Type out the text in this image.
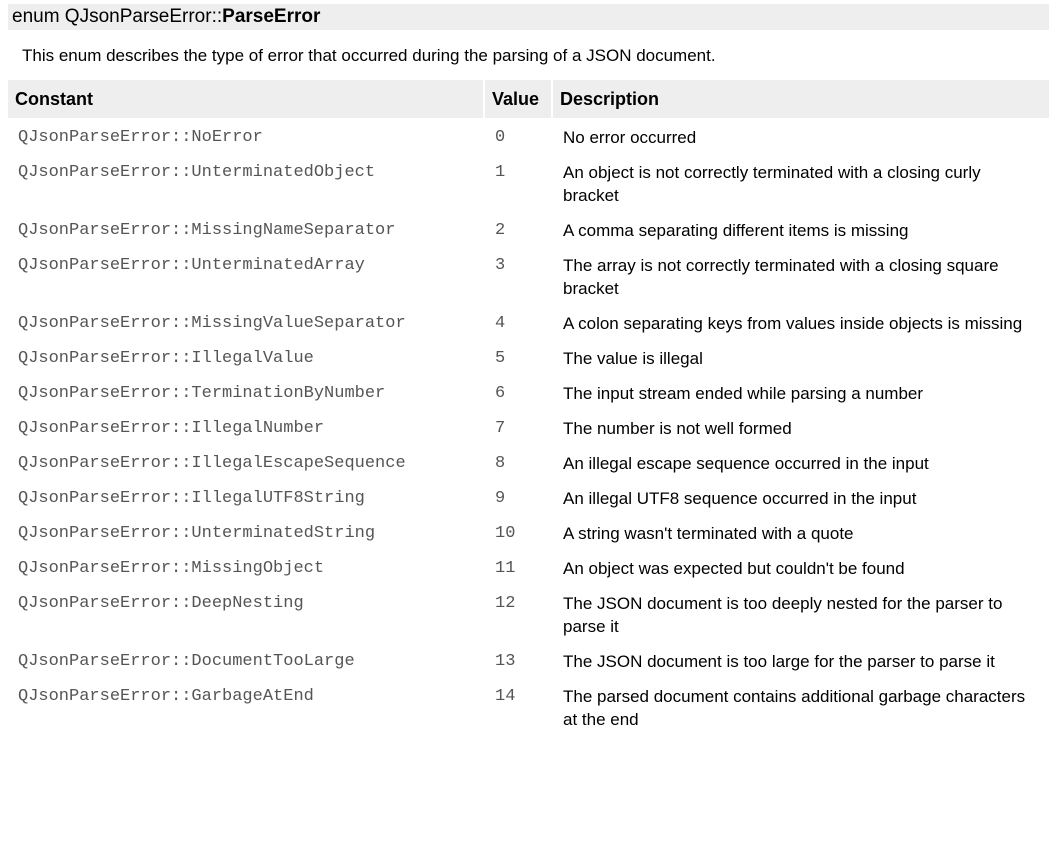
enum QJsonParseError::ParseError

This enum describes the type of error that occurred during the parsing of a JSON document.

Constant	Value	Description
QJsonParseError::NoError	0	No error occurred
QJsonParseError::UnterminatedObject	1	An object is not correctly terminated with a closing curly bracket
QJsonParseError::MissingNameSeparator	2	A comma separating different items is missing
QJsonParseError::UnterminatedArray	3	The array is not correctly terminated with a closing square bracket
QJsonParseError::MissingValueSeparator	4	A colon separating keys from values inside objects is missing
QJsonParseError::IllegalValue	5	The value is illegal
QJsonParseError::TerminationByNumber	6	The input stream ended while parsing a number
QJsonParseError::IllegalNumber	7	The number is not well formed
QJsonParseError::IllegalEscapeSequence	8	An illegal escape sequence occurred in the input
QJsonParseError::IllegalUTF8String	9	An illegal UTF8 sequence occurred in the input
QJsonParseError::UnterminatedString	10	A string wasn't terminated with a quote
QJsonParseError::MissingObject	11	An object was expected but couldn't be found
QJsonParseError::DeepNesting	12	The JSON document is too deeply nested for the parser to parse it
QJsonParseError::DocumentTooLarge	13	The JSON document is too large for the parser to parse it
QJsonParseError::GarbageAtEnd	14	The parsed document contains additional garbage characters at the end
